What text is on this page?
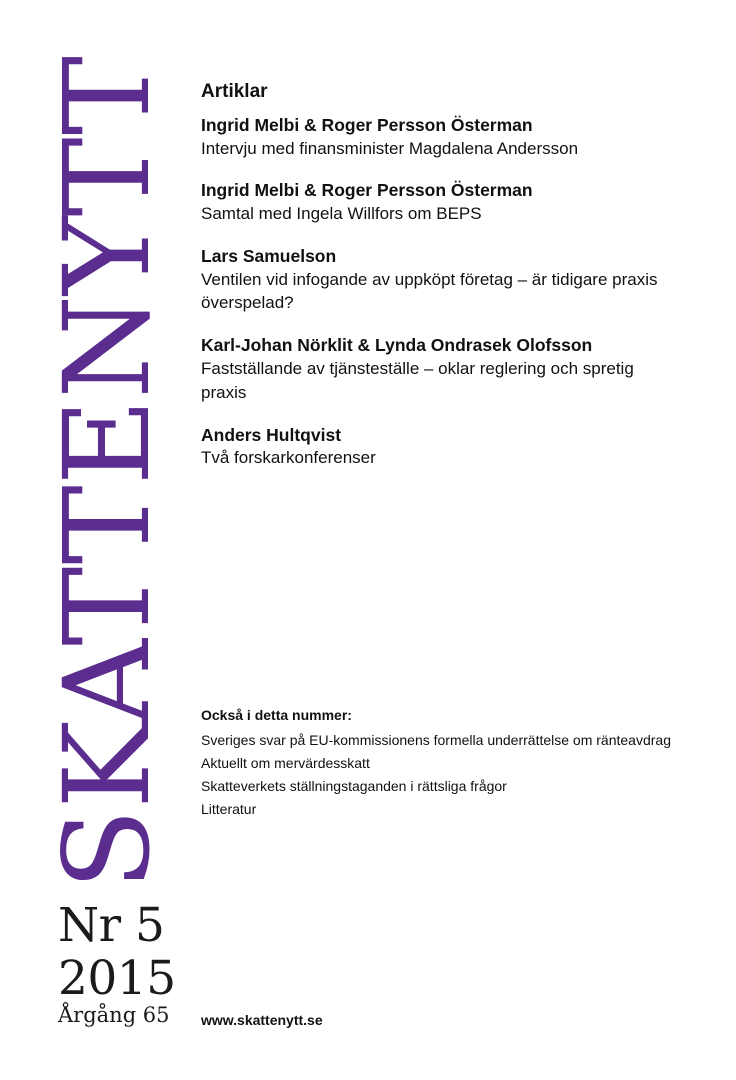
SKATTENYTT
Nr 5
2015
Årgång 65
Artiklar
Ingrid Melbi & Roger Persson Österman
Intervju med finansminister Magdalena Andersson
Ingrid Melbi & Roger Persson Österman
Samtal med Ingela Willfors om BEPS
Lars Samuelson
Ventilen vid infogande av uppköpt företag – är tidigare praxis överspelad?
Karl-Johan Nörklit & Lynda Ondrasek Olofsson
Fastställande av tjänsteställe – oklar reglering och spretig praxis
Anders Hultqvist
Två forskarkonferenser
Också i detta nummer:
Sveriges svar på EU-kommissionens formella underrättelse om ränteavdrag
Aktuellt om mervärdesskatt
Skatteverkets ställningstaganden i rättsliga frågor
Litteratur
www.skattenytt.se
